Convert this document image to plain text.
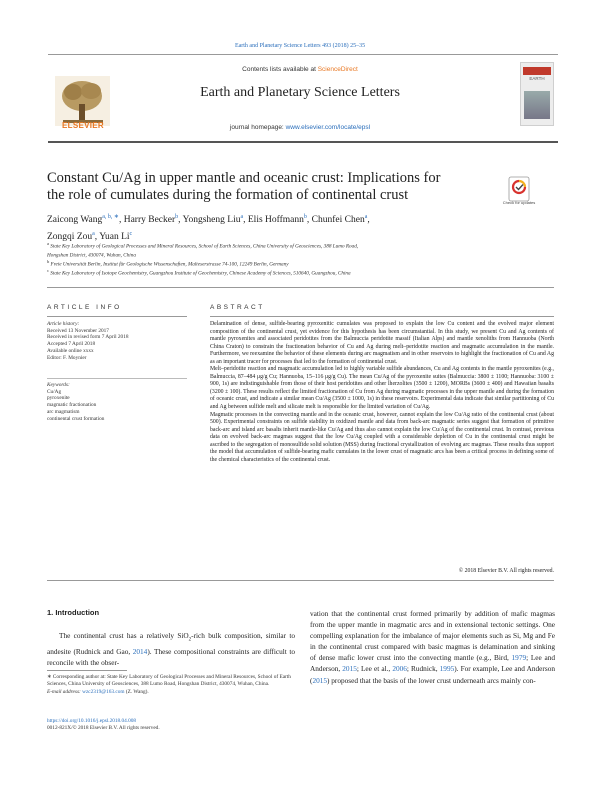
Earth and Planetary Science Letters 493 (2018) 25–35
ELSEVIER
Contents lists available at ScienceDirect
Earth and Planetary Science Letters
journal homepage: www.elsevier.com/locate/epsl
EARTH
Constant Cu/Ag in upper mantle and oceanic crust: Implications for
the role of cumulates during the formation of continental crust	Check for updates
Zaicong Wang$^{a, b, ∗}$, Harry Becker$^b$, Yongsheng Liu$^a$, Elis Hoffmann$^b$, Chunfei Chen$^a$,
Zongqi Zou$^a$, Yuan Li$^c$
$^a$ State Key Laboratory of Geological Processes and Mineral Resources, School of Earth Sciences, China University of Geosciences, 388 Lumo Road,
Hongshan District, 430074, Wuhan, China
$^b$ Freie Universität Berlin, Institut für Geologische Wissenschaften, Malteserstrasse 74-100, 12249 Berlin, Germany
$^c$ State Key Laboratory of Isotope Geochemistry, Guangzhou Institute of Geochemistry, Chinese Academy of Sciences, 510640, Guangzhou, China
ARTICLE INFO	ABSTRACT
Article history:
Received 13 November 2017
Received in revised form 7 April 2018
Accepted 7 April 2018
Available online xxxx
Editor: F. Moynier
Keywords:
Cu/Ag
pyroxenite
magmatic fractionation
arc magmatism
continental crust formation

Delamination of dense, sulfide-bearing pyroxenitic cumulates was proposed to explain the low Cu content and the evolved major element composition of the continental crust, yet evidence for this hypothesis has been circumstantial. In this study, we present Cu and Ag contents of mantle pyroxenites and associated peridotites from the Balmuccia peridotite massif (Italian Alps) and mantle xenoliths from Hannuoba (North China Craton) to constrain the fractionation behavior of Cu and Ag during melt–peridotite reaction and magmatic accumulation in the mantle. Furthermore, we reexamine the behavior of these elements during arc magmatism and in other reservoirs to highlight the fractionation of Cu and Ag as an important tracer for processes that led to the formation of continental crust.

Melt–peridotite reaction and magmatic accumulation led to highly variable sulfide abundances, Cu and Ag contents in the mantle pyroxenites (e.g., Balmuccia, 87–484 μg/g Cu; Hannuoba, 15–116 μg/g Cu). The mean Cu/Ag of the pyroxenite suites (Balmuccia: 3800 ± 1100; Hannuoba: 3100 ± 900, 1s) are indistinguishable from those of their host peridotites and other lherzolites (3500 ± 1200), MORBs (3600 ± 400) and Hawaiian basalts (3200 ± 100). These results reflect the limited fractionation of Cu from Ag during magmatic processes in the upper mantle and during the formation of oceanic crust, and indicate a similar mean Cu/Ag (3500 ± 1000, 1s) in these reservoirs. Experimental data indicate that similar partitioning of Cu and Ag between sulfide melt and silicate melt is responsible for the limited variation of Cu/Ag.

Magmatic processes in the convecting mantle and in the oceanic crust, however, cannot explain the low Cu/Ag ratio of the continental crust (about 500). Experimental constraints on sulfide stability in oxidized mantle and data from back-arc magmatic series suggest that formation of primitive back-arc and island arc basalts inherit mantle-like Cu/Ag and thus also cannot explain the low Cu/Ag of the continental crust. In contrast, previous data on evolved back-arc magmas suggest that the low Cu/Ag coupled with a considerable depletion of Cu in the continental crust might be ascribed to the segregation of monosulfide solid solution (MSS) during fractional crystallization of evolving arc magmas. These results thus support the model that accumulation of sulfide-bearing mafic cumulates in the lower crust of magmatic arcs has been a critical process in defining some of the chemical characteristics of the continental crust.

© 2018 Elsevier B.V. All rights reserved.
1. Introduction

The continental crust has a relatively SiO$_2$-rich bulk composition, similar to andesite (Rudnick and Gao, 2014). These compositional constraints are difficult to reconcile with the obser-

vation that the continental crust formed primarily by addition of mafic magmas from the upper mantle in magmatic arcs and in extensional tectonic settings. One compelling explanation for the imbalance of major elements such as Si, Mg and Fe in the continental crust compared with basic magmas is delamination and sinking of dense mafic lower crust into the convecting mantle (e.g., Bird, 1979; Lee and Anderson, 2015; Lee et al., 2006; Rudnick, 1995). For example, Lee and Anderson (2015) proposed that the basis of the lower crust underneath arcs mainly con-

∗ Corresponding author at: State Key Laboratory of Geological Processes and Mineral Resources, School of Earth Sciences, China University of Geosciences, 388 Lumo Road, Hongshan District, 430074, Wuhan, China.

E-mail address: wzc2319@163.com (Z. Wang).

https://doi.org/10.1016/j.epsl.2018.04.008
0012-821X/© 2018 Elsevier B.V. All rights reserved.
